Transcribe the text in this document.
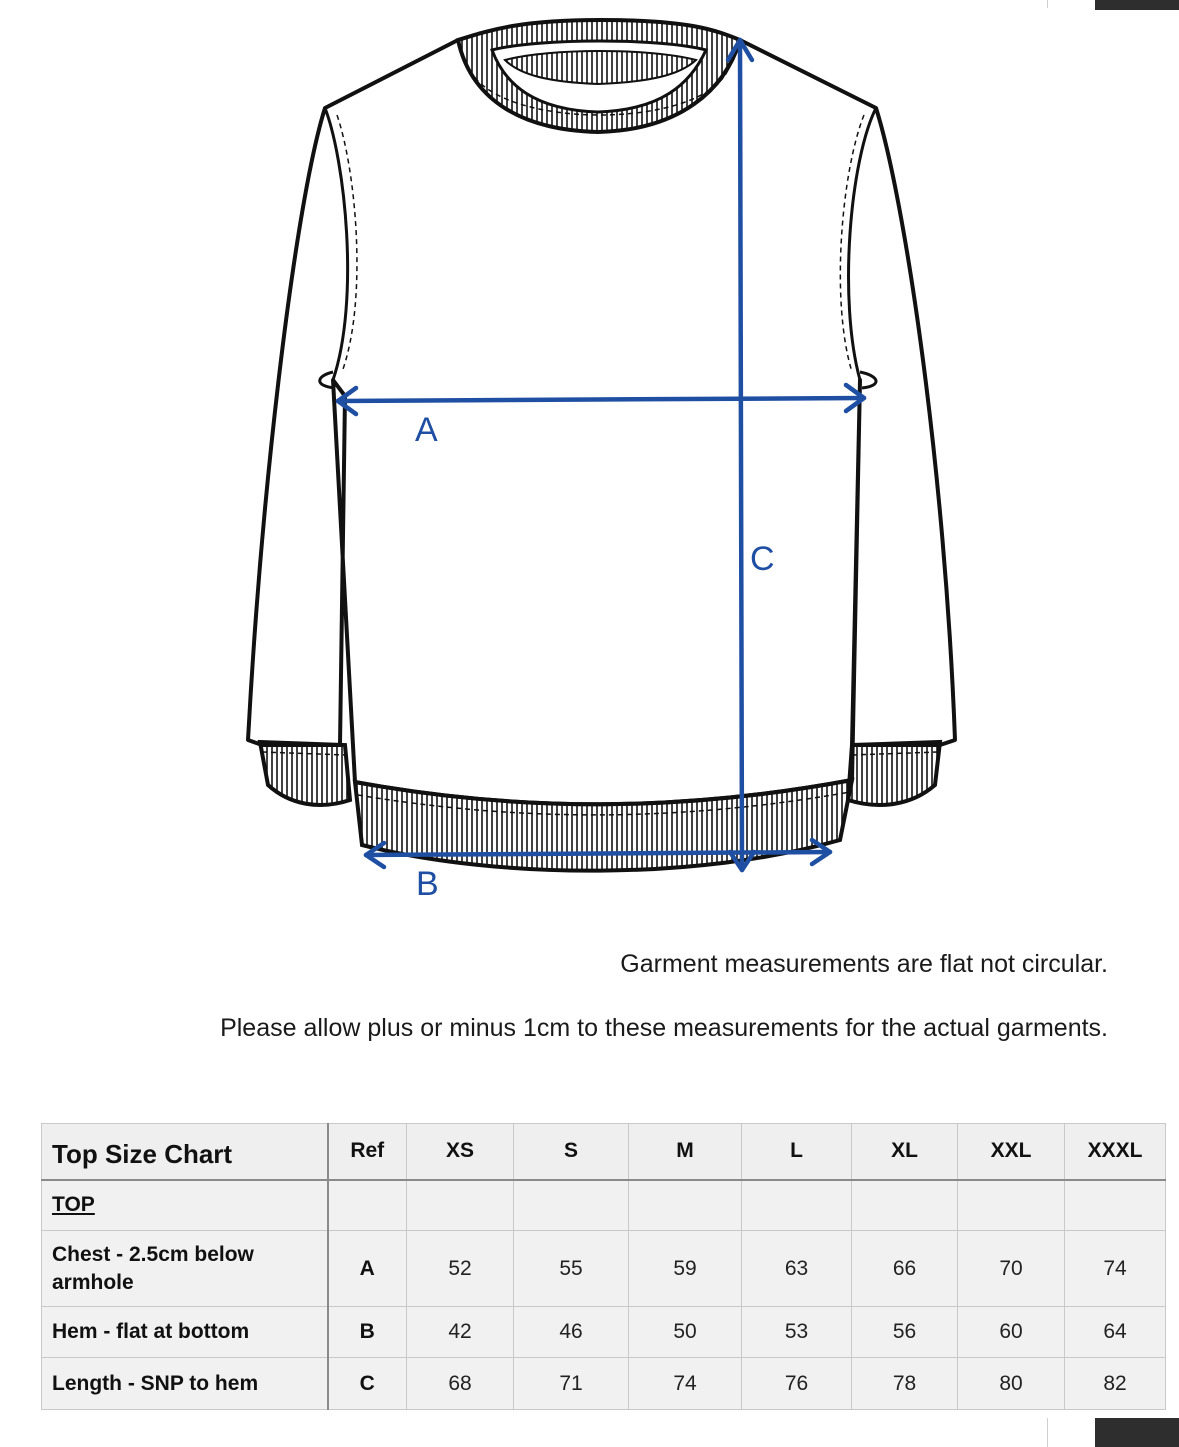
A
C
B
Garment measurements are flat not circular.
Please allow plus or minus 1cm to these measurements for the actual garments.
Top Size Chart	Ref	XS	S	M	L	XL	XXL	XXXL
TOP								
Chest - 2.5cm below armhole	A	52	55	59	63	66	70	74
Hem - flat at bottom	B	42	46	50	53	56	60	64
Length - SNP to hem	C	68	71	74	76	78	80	82
